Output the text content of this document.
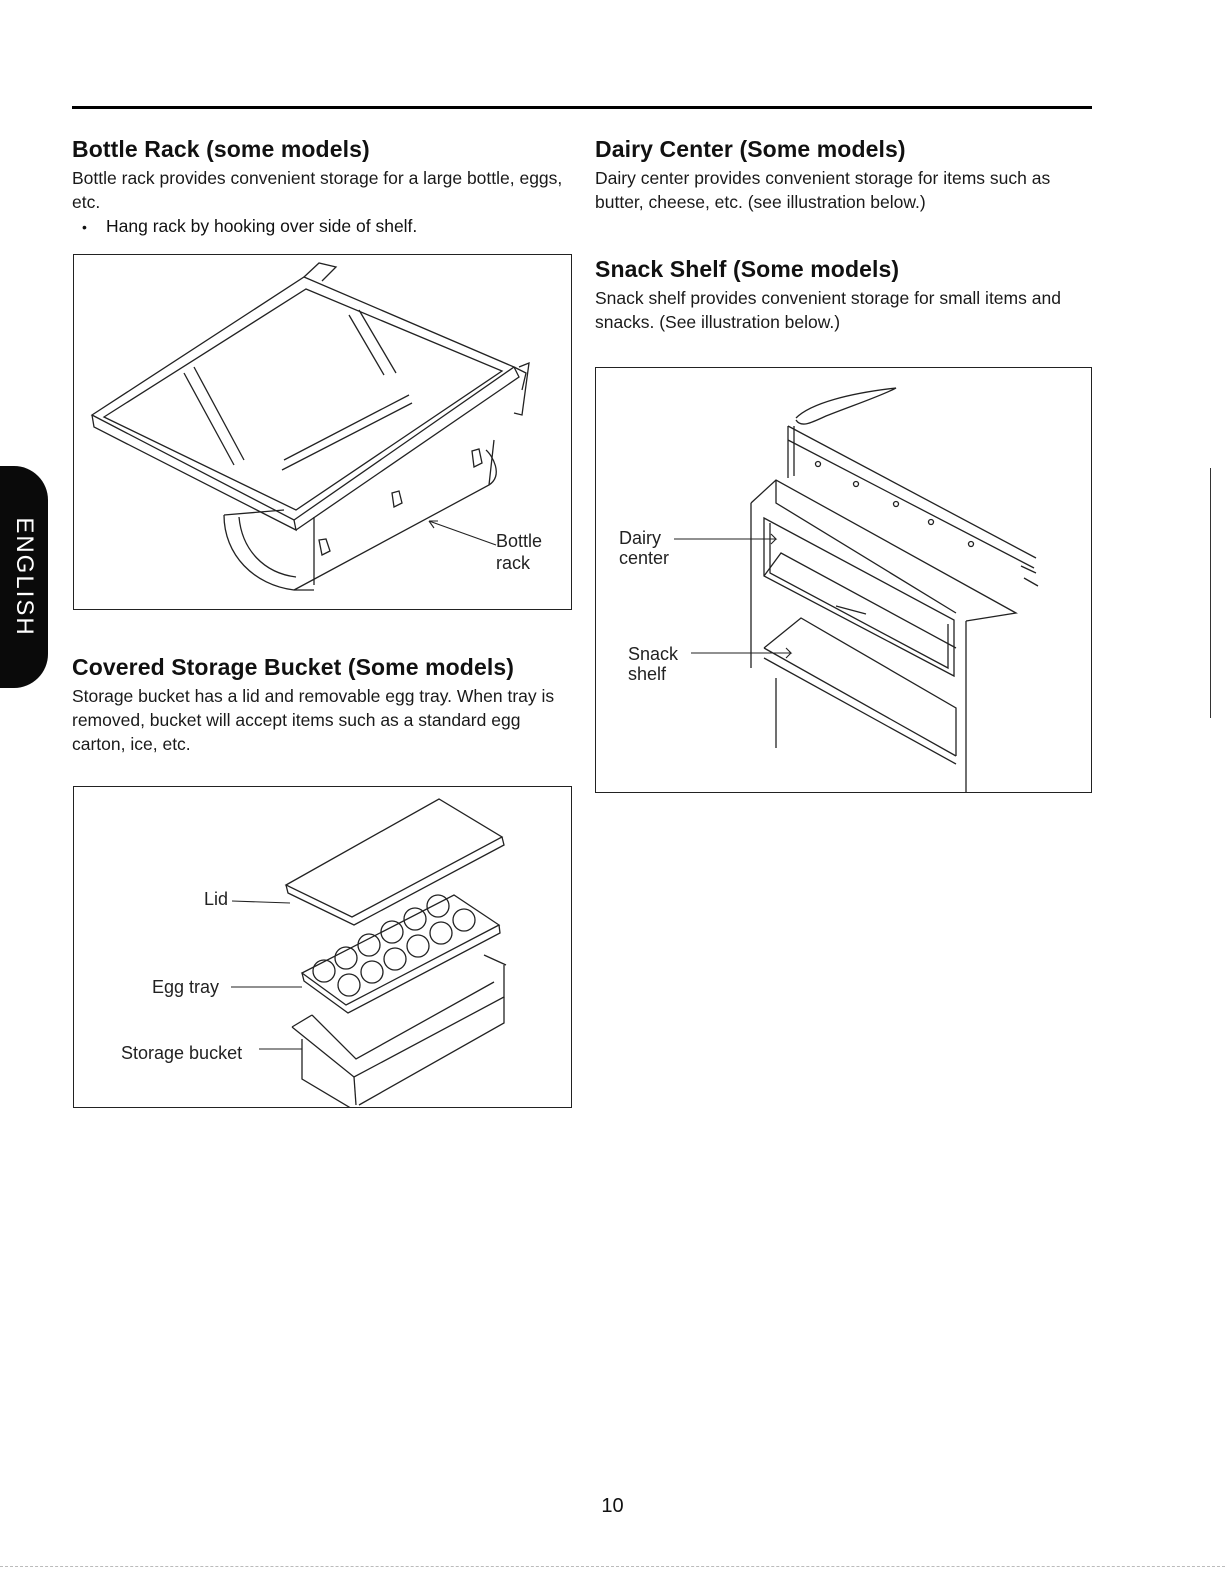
ENGLISH
Bottle Rack (some models)

Bottle rack provides convenient storage for a large bottle, eggs, etc.

• Hang rack by hooking over side of shelf.
Bottle
rack
Covered Storage Bucket (Some models)

Storage bucket has a lid and removable egg tray. When tray is removed, bucket will accept items such as a standard egg carton, ice, etc.

Lid
Egg tray
Storage bucket
Dairy Center (Some models)

Dairy center provides convenient storage for items such as butter, cheese, etc. (see illustration below.)

Snack Shelf (Some models)

Snack shelf provides convenient storage for small items and snacks. (See illustration below.)

Dairy
center
Snack
shelf
10
